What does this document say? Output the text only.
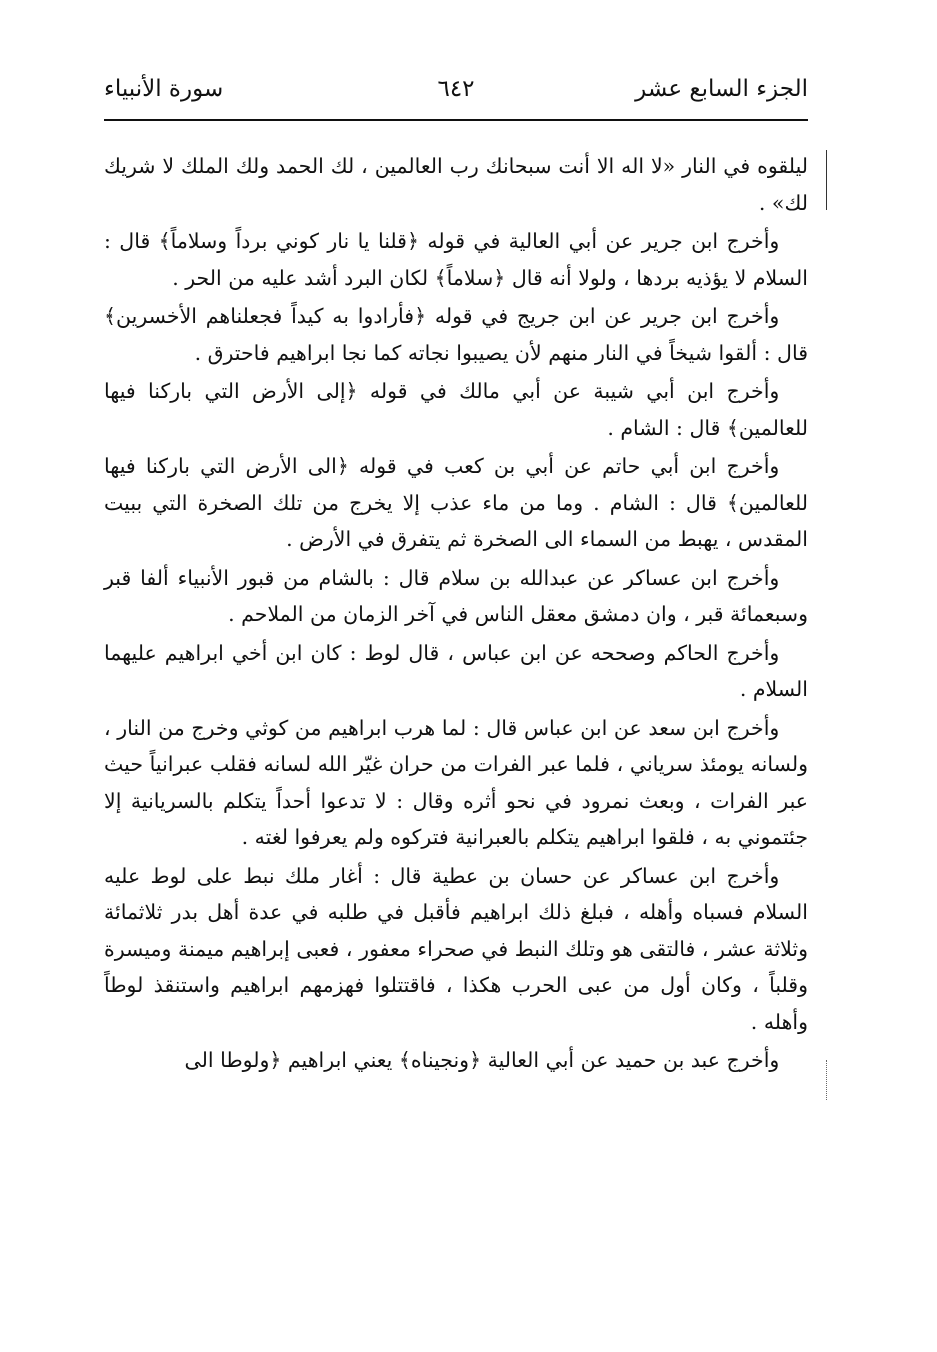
الجزء السابع عشر
٦٤٢
سورة الأنبياء

ليلقوه في النار «لا اله الا أنت سبحانك رب العالمين ، لك الحمد ولك الملك لا شريك لك» .

وأخرج ابن جرير عن أبي العالية في قوله ﴿قلنا يا نار كوني برداً وسلاماً﴾ قال : السلام لا يؤذيه بردها ، ولولا أنه قال ﴿سلاماً﴾ لكان البرد أشد عليه من الحر .

وأخرج ابن جرير عن ابن جريج في قوله ﴿فأرادوا به كيداً فجعلناهم الأخسرين﴾ قال : ألقوا شيخاً في النار منهم لأن يصيبوا نجاته كما نجا ابراهيم فاحترق .

وأخرج ابن أبي شيبة عن أبي مالك في قوله ﴿إلى الأرض التي باركنا فيها للعالمين﴾ قال : الشام .

وأخرج ابن أبي حاتم عن أبي بن كعب في قوله ﴿الى الأرض التي باركنا فيها للعالمين﴾ قال : الشام . وما من ماء عذب إلا يخرج من تلك الصخرة التي ببيت المقدس ، يهبط من السماء الى الصخرة ثم يتفرق في الأرض .

وأخرج ابن عساكر عن عبدالله بن سلام قال : بالشام من قبور الأنبياء ألفا قبر وسبعمائة قبر ، وان دمشق معقل الناس في آخر الزمان من الملاحم .

وأخرج الحاكم وصححه عن ابن عباس ، قال لوط : كان ابن أخي ابراهيم عليهما السلام .

وأخرج ابن سعد عن ابن عباس قال : لما هرب ابراهيم من كوثي وخرج من النار ، ولسانه يومئذ سرياني ، فلما عبر الفرات من حران غيّر الله لسانه فقلب عبرانياً حيث عبر الفرات ، وبعث نمرود في نحو أثره وقال : لا تدعوا أحداً يتكلم بالسريانية إلا جئتموني به ، فلقوا ابراهيم يتكلم بالعبرانية فتركوه ولم يعرفوا لغته .

وأخرج ابن عساكر عن حسان بن عطية قال : أغار ملك نبط على لوط عليه السلام فسباه وأهله ، فبلغ ذلك ابراهيم فأقبل في طلبه في عدة أهل بدر ثلاثمائة وثلاثة عشر ، فالتقى هو وتلك النبط في صحراء معفور ، فعبى إبراهيم ميمنة وميسرة وقلباً ، وكان أول من عبى الحرب هكذا ، فاقتتلوا فهزمهم ابراهيم واستنقذ لوطاً وأهله .

وأخرج عبد بن حميد عن أبي العالية ﴿ونجيناه﴾ يعني ابراهيم ﴿ولوطا الى
